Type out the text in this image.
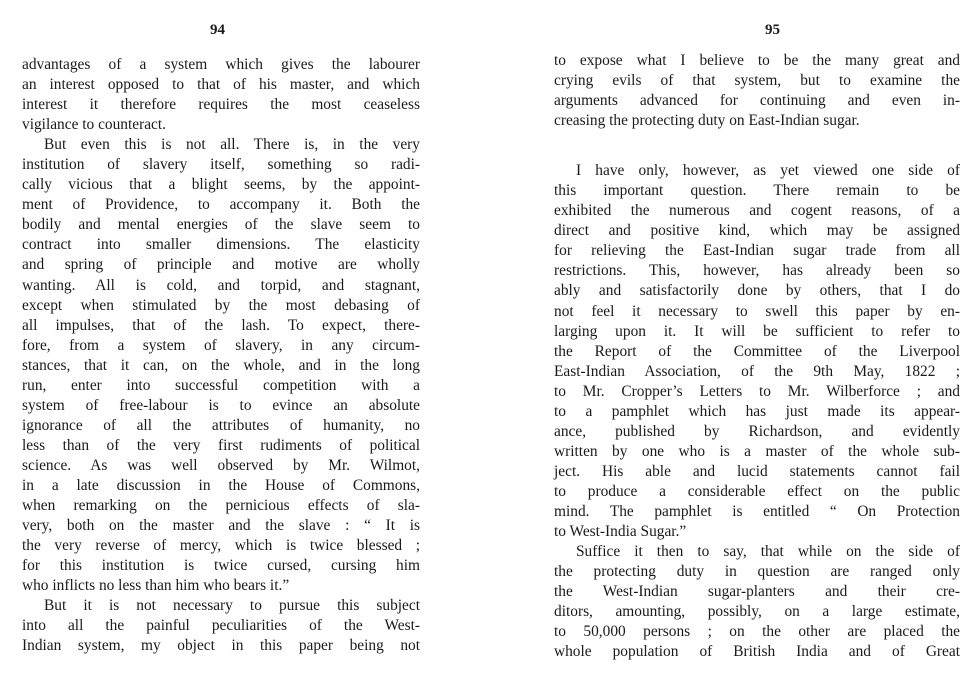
94
advantages of a system which gives the labourer
an interest opposed to that of his master, and which
interest it therefore requires the most ceaseless
vigilance to counteract.
But even this is not all. There is, in the very
institution of slavery itself, something so radi-
cally vicious that a blight seems, by the appoint-
ment of Providence, to accompany it. Both the
bodily and mental energies of the slave seem to
contract into smaller dimensions. The elasticity
and spring of principle and motive are wholly
wanting. All is cold, and torpid, and stagnant,
except when stimulated by the most debasing of
all impulses, that of the lash. To expect, there-
fore, from a system of slavery, in any circum-
stances, that it can, on the whole, and in the long
run, enter into successful competition with a
system of free-labour is to evince an absolute
ignorance of all the attributes of humanity, no
less than of the very first rudiments of political
science. As was well observed by Mr. Wilmot,
in a late discussion in the House of Commons,
when remarking on the pernicious effects of sla-
very, both on the master and the slave : “ It is
the very reverse of mercy, which is twice blessed ;
for this institution is twice cursed, cursing him
who inflicts no less than him who bears it.”
But it is not necessary to pursue this subject
into all the painful peculiarities of the West-
Indian system, my object in this paper being not
95
to expose what I believe to be the many great and
crying evils of that system, but to examine the
arguments advanced for continuing and even in-
creasing the protecting duty on East-Indian sugar.
I have only, however, as yet viewed one side of
this important question. There remain to be
exhibited the numerous and cogent reasons, of a
direct and positive kind, which may be assigned
for relieving the East-Indian sugar trade from all
restrictions. This, however, has already been so
ably and satisfactorily done by others, that I do
not feel it necessary to swell this paper by en-
larging upon it. It will be sufficient to refer to
the Report of the Committee of the Liverpool
East-Indian Association, of the 9th May, 1822 ;
to Mr. Cropper’s Letters to Mr. Wilberforce ; and
to a pamphlet which has just made its appear-
ance, published by Richardson, and evidently
written by one who is a master of the whole sub-
ject. His able and lucid statements cannot fail
to produce a considerable effect on the public
mind. The pamphlet is entitled “ On Protection
to West-India Sugar.”
Suffice it then to say, that while on the side of
the protecting duty in question are ranged only
the West-Indian sugar-planters and their cre-
ditors, amounting, possibly, on a large estimate,
to 50,000 persons ; on the other are placed the
whole population of British India and of Great
